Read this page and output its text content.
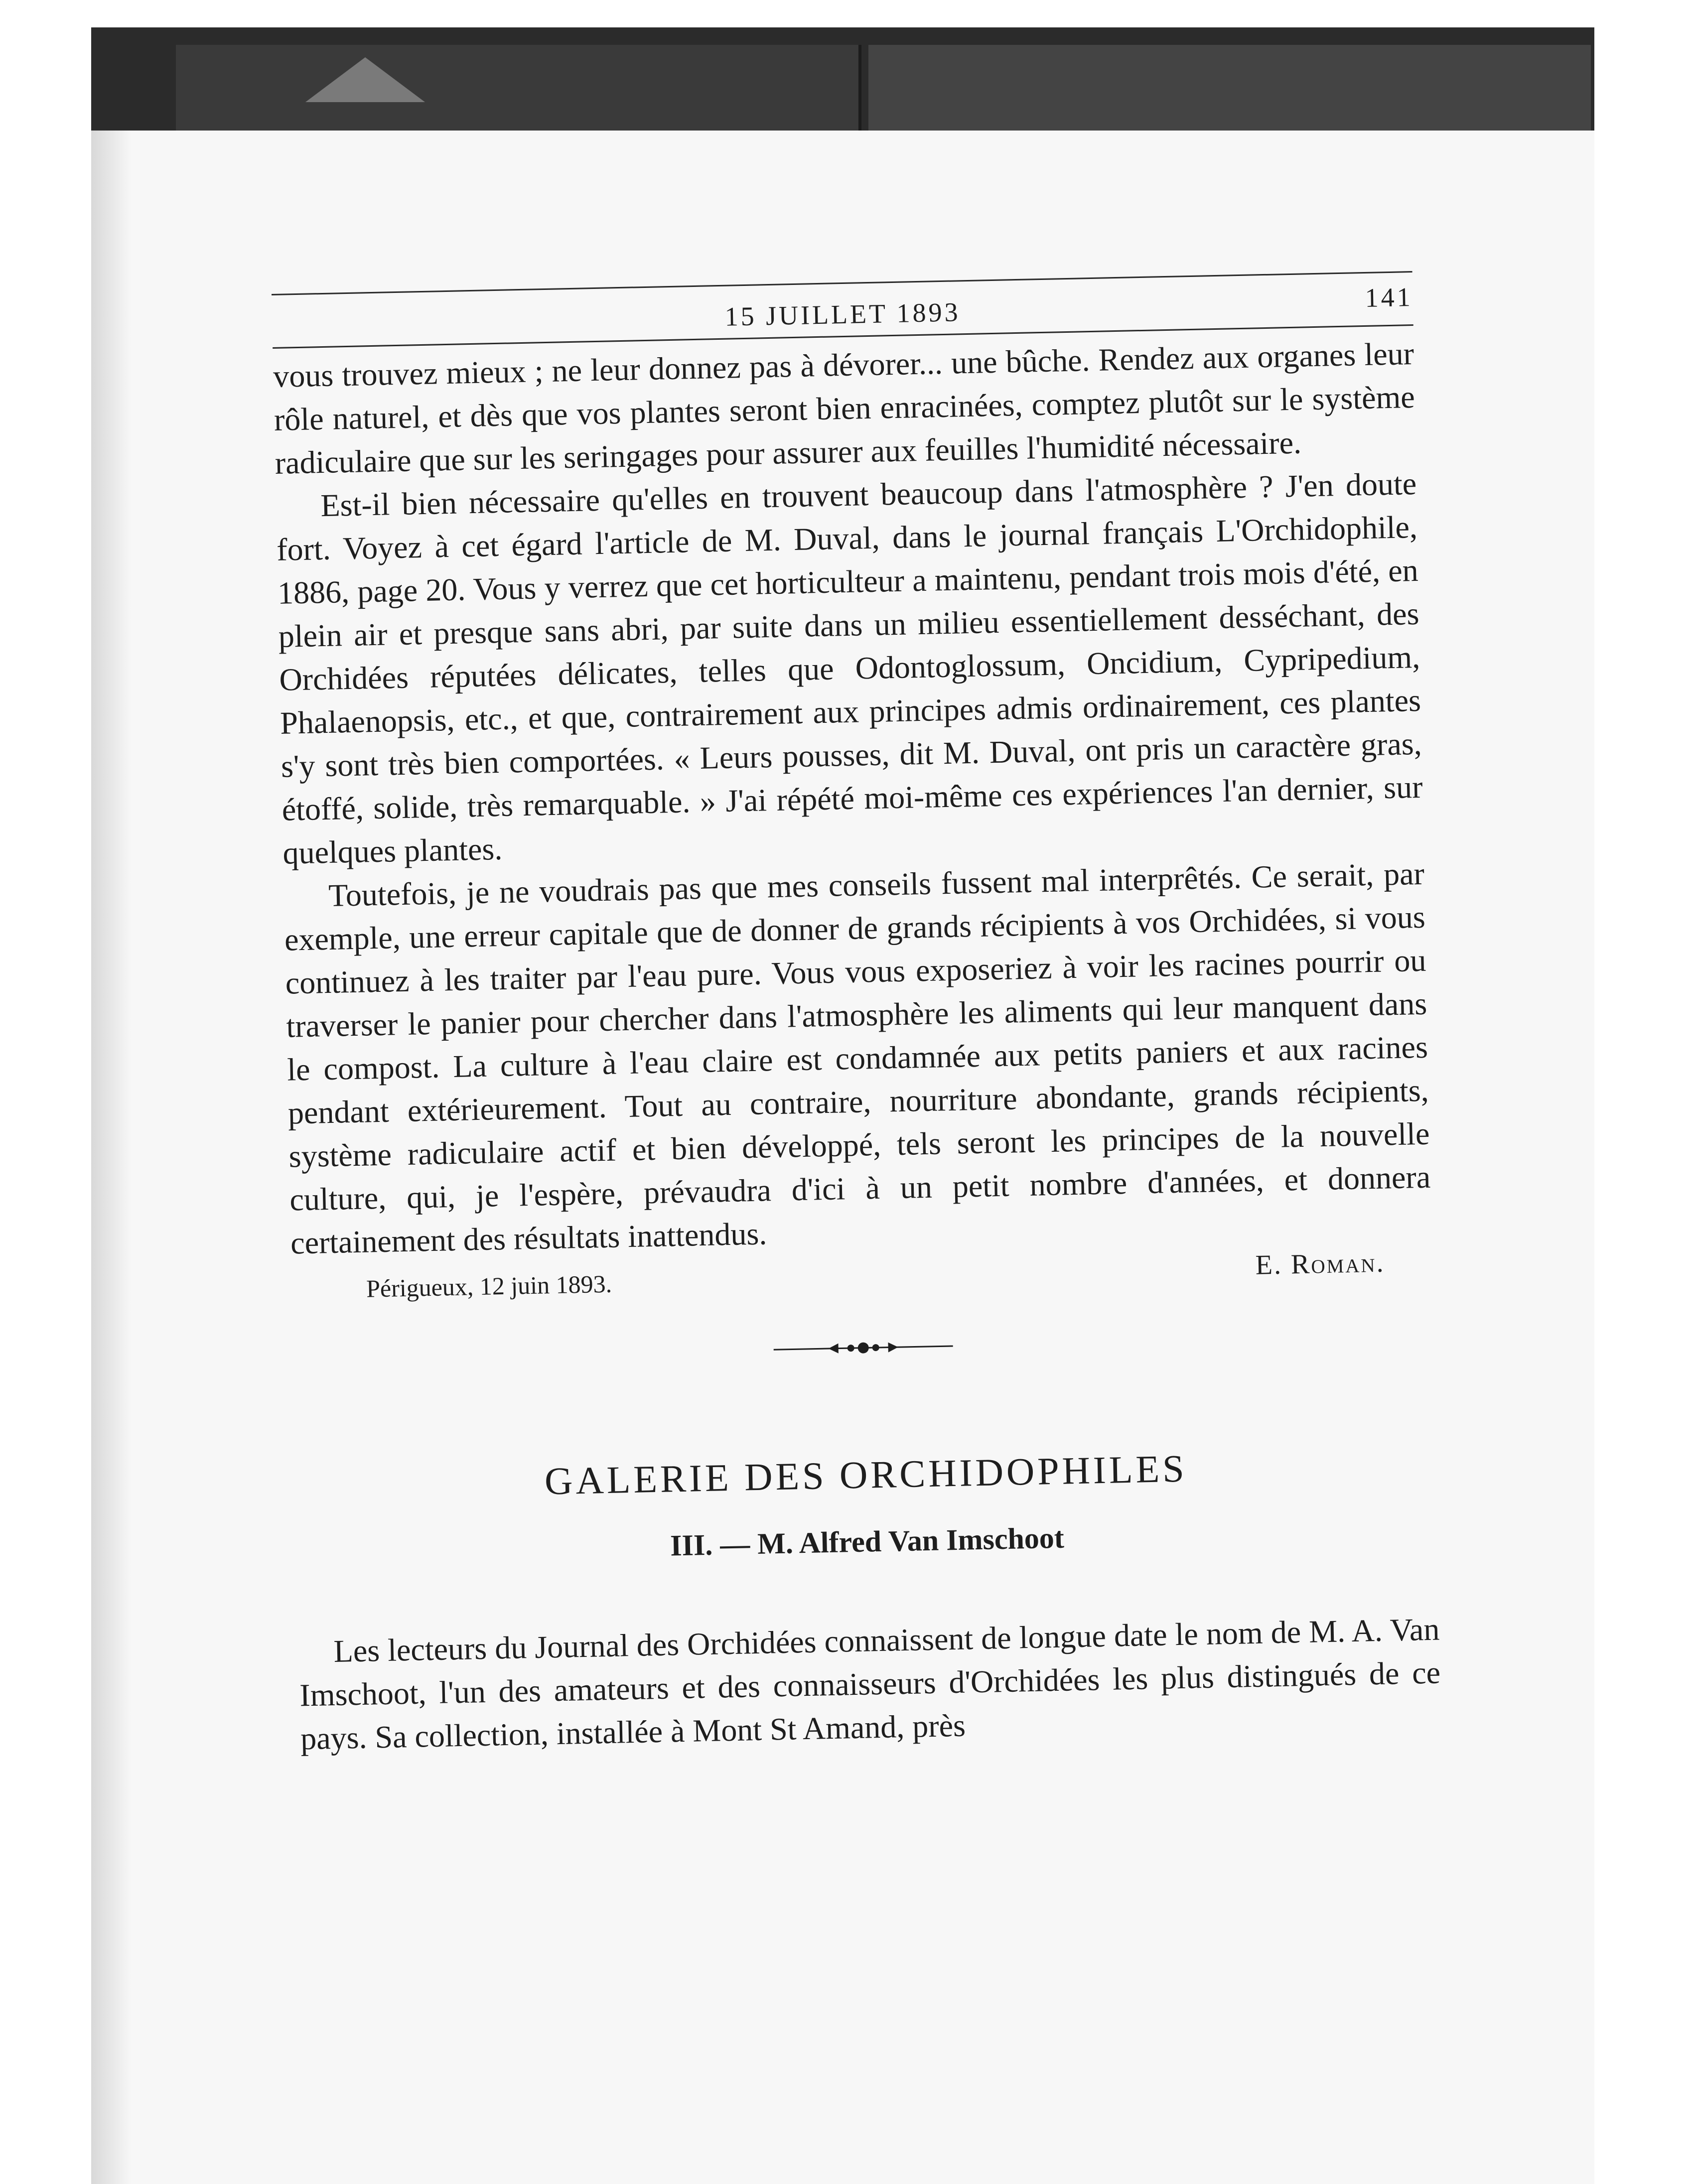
15 JUILLET 1893	141

vous trouvez mieux ; ne leur donnez pas à dévorer... une bûche. Rendez aux organes leur rôle naturel, et dès que vos plantes seront bien enracinées, comptez plutôt sur le système radiculaire que sur les seringages pour assurer aux feuilles l'humidité nécessaire.

Est-il bien nécessaire qu'elles en trouvent beaucoup dans l'atmosphère ? J'en doute fort. Voyez à cet égard l'article de M. Duval, dans le journal français L'Orchidophile, 1886, page 20. Vous y verrez que cet horticulteur a maintenu, pendant trois mois d'été, en plein air et presque sans abri, par suite dans un milieu essentiellement desséchant, des Orchidées réputées délicates, telles que Odontoglossum, Oncidium, Cypripedium, Phalaenopsis, etc., et que, contrairement aux principes admis ordinairement, ces plantes s'y sont très bien comportées. « Leurs pousses, dit M. Duval, ont pris un caractère gras, étoffé, solide, très remarquable. » J'ai répété moi-même ces expériences l'an dernier, sur quelques plantes.

Toutefois, je ne voudrais pas que mes conseils fussent mal interprêtés. Ce serait, par exemple, une erreur capitale que de donner de grands récipients à vos Orchidées, si vous continuez à les traiter par l'eau pure. Vous vous exposeriez à voir les racines pourrir ou traverser le panier pour chercher dans l'atmosphère les aliments qui leur manquent dans le compost. La culture à l'eau claire est condamnée aux petits paniers et aux racines pendant extérieurement. Tout au contraire, nourriture abondante, grands récipients, système radiculaire actif et bien développé, tels seront les principes de la nouvelle culture, qui, je l'espère, prévaudra d'ici à un petit nombre d'années, et donnera certainement des résultats inattendus.

Périgueux, 12 juin 1893.
E. Roman.
GALERIE DES ORCHIDOPHILES
III. — M. Alfred Van Imschoot

Les lecteurs du Journal des Orchidées connaissent de longue date le nom de M. A. Van Imschoot, l'un des amateurs et des connaisseurs d'Orchidées les plus distingués de ce pays. Sa collection, installée à Mont St Amand, près
